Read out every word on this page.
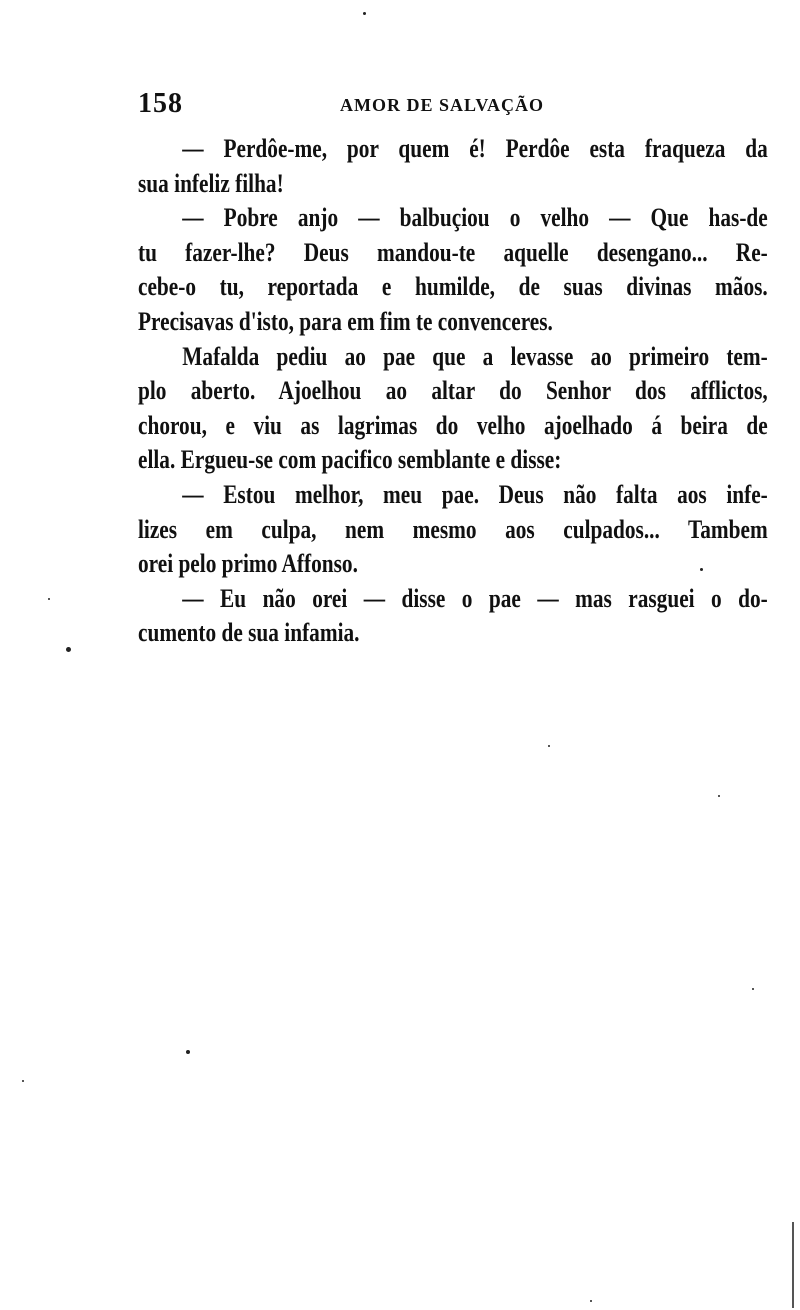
158	AMOR DE SALVAÇÃO
— Perdôe-me, por quem é! Perdôe esta fraqueza da
sua infeliz filha!
— Pobre anjo — balbuçiou o velho — Que has-de
tu fazer-lhe? Deus mandou-te aquelle desengano... Re-
cebe-o tu, reportada e humilde, de suas divinas mãos.
Precisavas d'isto, para em fim te convenceres.
Mafalda pediu ao pae que a levasse ao primeiro tem-
plo aberto. Ajoelhou ao altar do Senhor dos afflictos,
chorou, e viu as lagrimas do velho ajoelhado á beira de
ella. Ergueu-se com pacifico semblante e disse:
— Estou melhor, meu pae. Deus não falta aos infe-
lizes em culpa, nem mesmo aos culpados... Tambem
orei pelo primo Affonso.
— Eu não orei — disse o pae — mas rasguei o do-
cumento de sua infamia.
